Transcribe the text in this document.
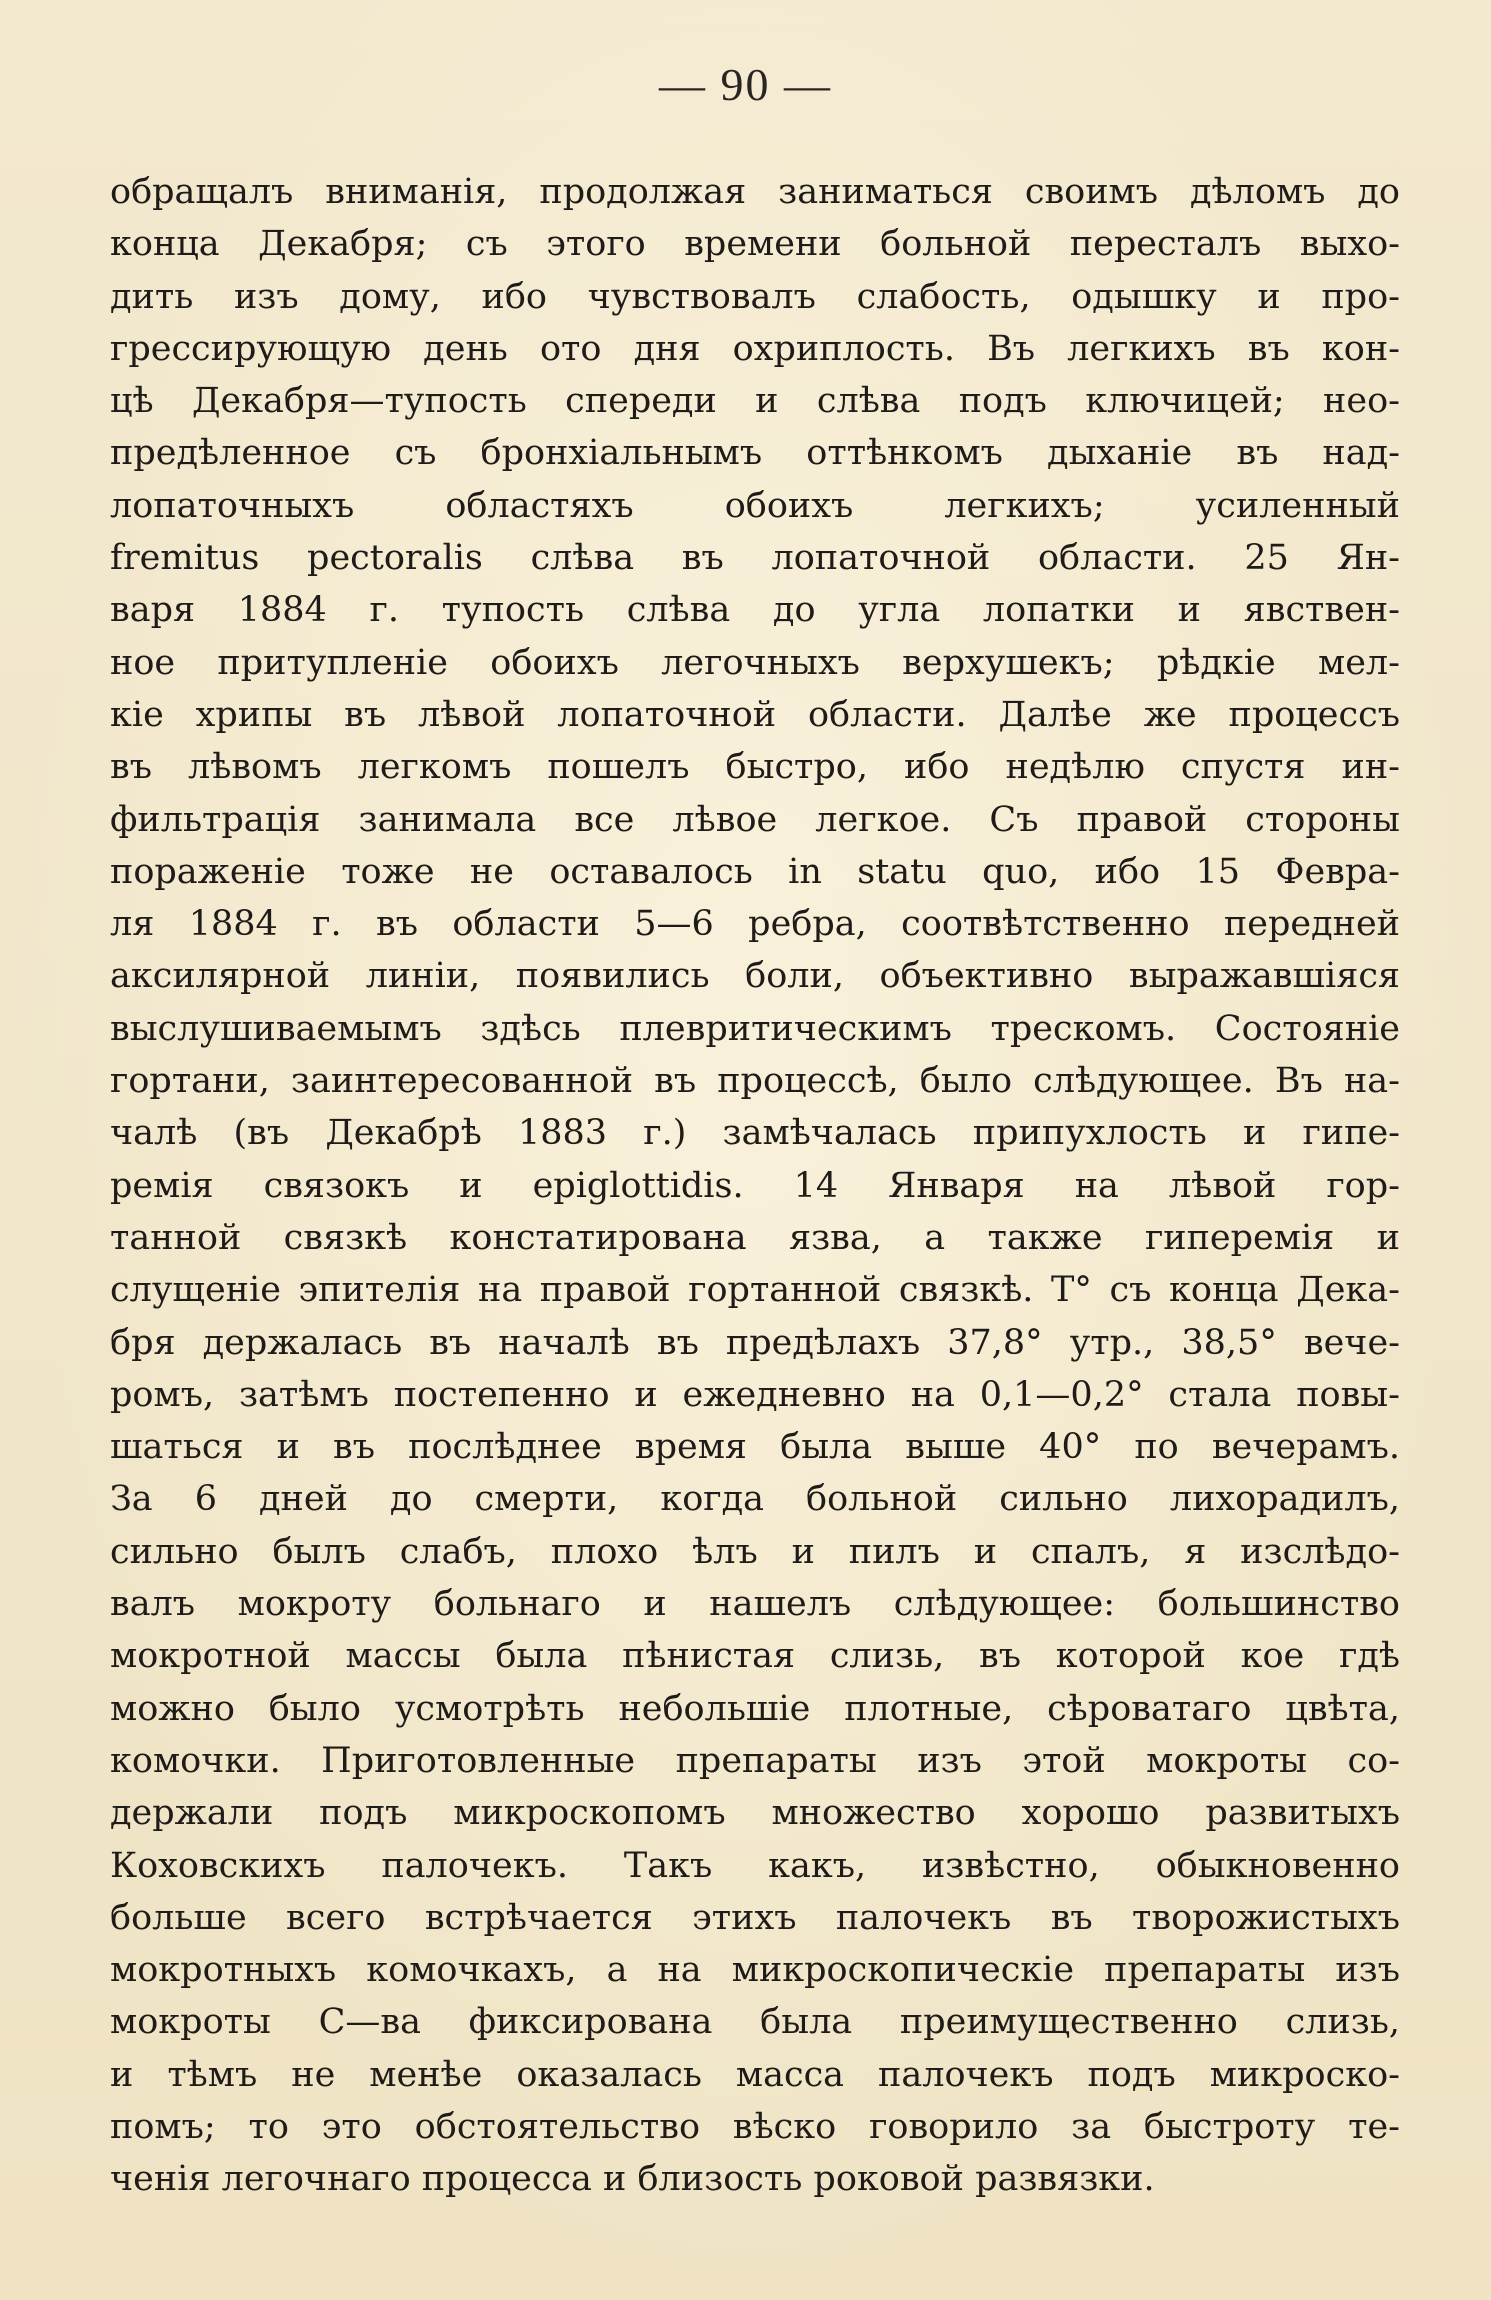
— 90 —
обращалъ вниманія, продолжая заниматься своимъ дѣломъ до
конца Декабря; съ этого времени больной пересталъ выхо-
дить изъ дому, ибо чувствовалъ слабость, одышку и про-
грессирующую день ото дня охриплость. Въ легкихъ въ кон-
цѣ Декабря—тупость спереди и слѣва подъ ключицей; нео-
предѣленное съ бронхіальнымъ оттѣнкомъ дыханіе въ над-
лопаточныхъ областяхъ обоихъ легкихъ; усиленный
fremitus pectoralis слѣва въ лопаточной области. 25 Ян-
варя 1884 г. тупость слѣва до угла лопатки и явствен-
ное притупленіе обоихъ легочныхъ верхушекъ; рѣдкіе мел-
кіе хрипы въ лѣвой лопаточной области. Далѣе же процессъ
въ лѣвомъ легкомъ пошелъ быстро, ибо недѣлю спустя ин-
фильтрація занимала все лѣвое легкое. Съ правой стороны
пораженіе тоже не оставалось in statu quo, ибо 15 Февра-
ля 1884 г. въ области 5—6 ребра, соотвѣтственно передней
аксилярной линіи, появились боли, объективно выражавшіяся
выслушиваемымъ здѣсь плевритическимъ трескомъ. Состояніе
гортани, заинтересованной въ процессѣ, было слѣдующее. Въ на-
чалѣ (въ Декабрѣ 1883 г.) замѣчалась припухлость и гипе-
ремія связокъ и epiglottidis. 14 Января на лѣвой гор-
танной связкѣ констатирована язва, а также гиперемія и
слущеніе эпителія на правой гортанной связкѣ. T° съ конца Дека-
бря держалась въ началѣ въ предѣлахъ 37,8° утр., 38,5° вече-
ромъ, затѣмъ постепенно и ежедневно на 0,1—0,2° стала повы-
шаться и въ послѣднее время была выше 40° по вечерамъ.
За 6 дней до смерти, когда больной сильно лихорадилъ,
сильно былъ слабъ, плохо ѣлъ и пилъ и спалъ, я изслѣдо-
валъ мокроту больнаго и нашелъ слѣдующее: большинство
мокротной массы была пѣнистая слизь, въ которой кое гдѣ
можно было усмотрѣть небольшіе плотные, сѣроватаго цвѣта,
комочки. Приготовленные препараты изъ этой мокроты со-
держали подъ микроскопомъ множество хорошо развитыхъ
Коховскихъ палочекъ. Такъ какъ, извѣстно, обыкновенно
больше всего встрѣчается этихъ палочекъ въ творожистыхъ
мокротныхъ комочкахъ, а на микроскопическіе препараты изъ
мокроты С—ва фиксирована была преимущественно слизь,
и тѣмъ не менѣе оказалась масса палочекъ подъ микроско-
помъ; то это обстоятельство вѣско говорило за быстроту те-
ченія легочнаго процесса и близость роковой развязки.
